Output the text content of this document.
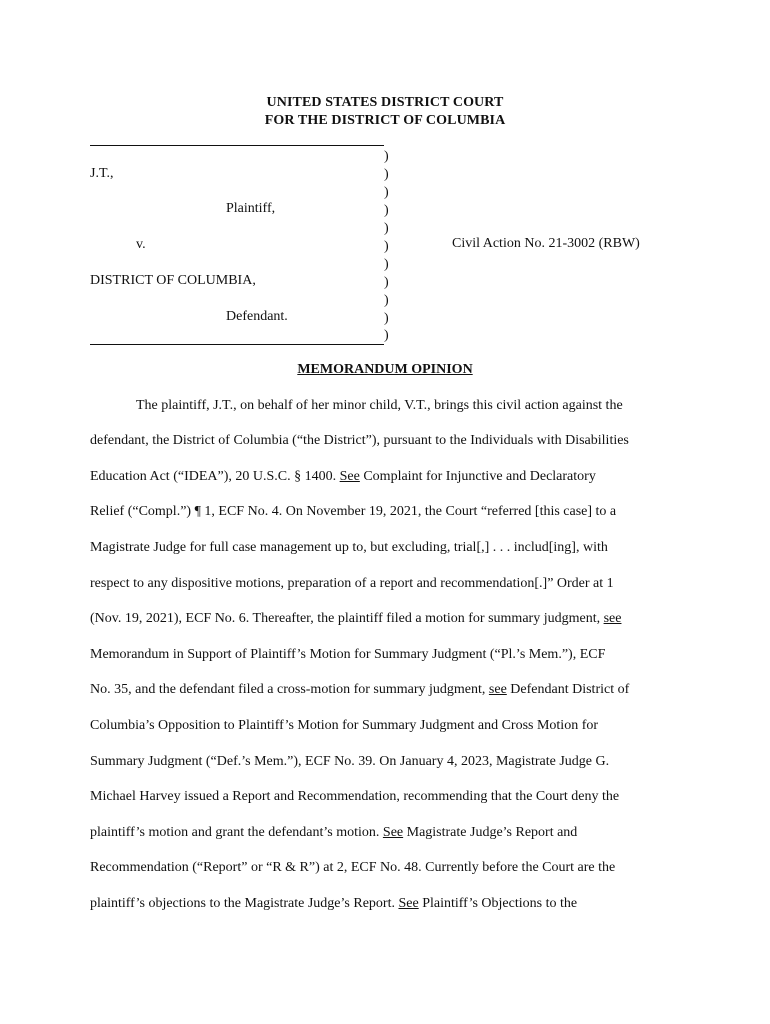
UNITED STATES DISTRICT COURT
FOR THE DISTRICT OF COLUMBIA
)
)
)
)
)
)
)
)
)
)
)
J.T.,
Plaintiff,
v.
DISTRICT OF COLUMBIA,
Defendant.
Civil Action No. 21-3002 (RBW)
MEMORANDUM OPINION
The plaintiff, J.T., on behalf of her minor child, V.T., brings this civil action against the
defendant, the District of Columbia (“the District”), pursuant to the Individuals with Disabilities
Education Act (“IDEA”), 20 U.S.C. § 1400. See Complaint for Injunctive and Declaratory
Relief (“Compl.”) ¶ 1, ECF No. 4. On November 19, 2021, the Court “referred [this case] to a
Magistrate Judge for full case management up to, but excluding, trial[,] . . . includ[ing], with
respect to any dispositive motions, preparation of a report and recommendation[.]” Order at 1
(Nov. 19, 2021), ECF No. 6. Thereafter, the plaintiff filed a motion for summary judgment, see
Memorandum in Support of Plaintiff’s Motion for Summary Judgment (“Pl.’s Mem.”), ECF
No. 35, and the defendant filed a cross-motion for summary judgment, see Defendant District of
Columbia’s Opposition to Plaintiff’s Motion for Summary Judgment and Cross Motion for
Summary Judgment (“Def.’s Mem.”), ECF No. 39. On January 4, 2023, Magistrate Judge G.
Michael Harvey issued a Report and Recommendation, recommending that the Court deny the
plaintiff’s motion and grant the defendant’s motion. See Magistrate Judge’s Report and
Recommendation (“Report” or “R & R”) at 2, ECF No. 48. Currently before the Court are the
plaintiff’s objections to the Magistrate Judge’s Report. See Plaintiff’s Objections to the
